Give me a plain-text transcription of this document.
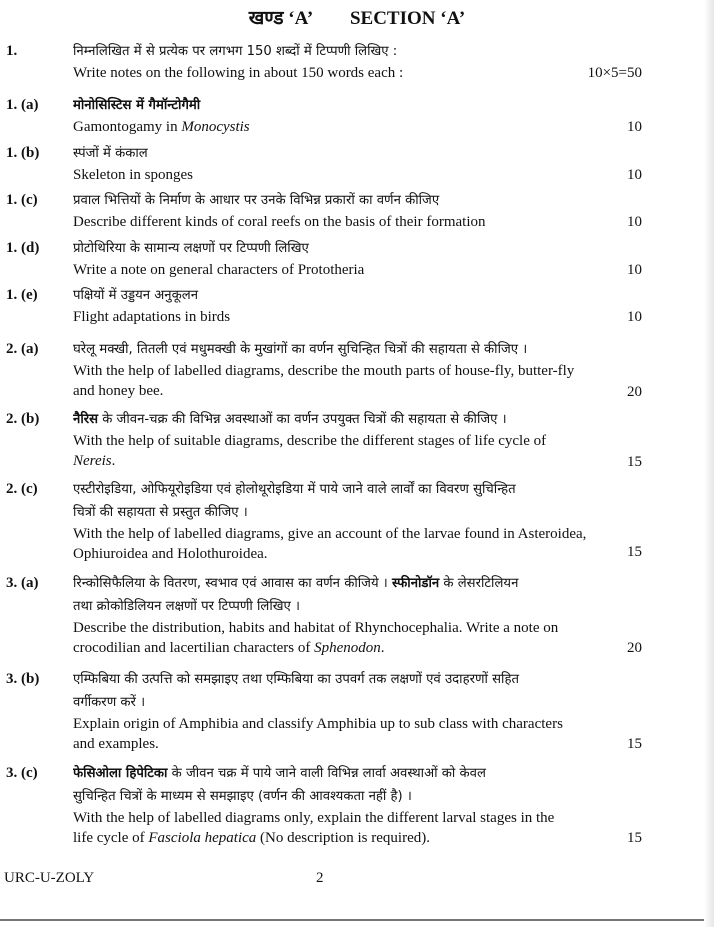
खण्ड ‘A’ SECTION ‘A’
1.	निम्नलिखित में से प्रत्येक पर लगभग 150 शब्दों में टिप्पणी लिखिए :
Write notes on the following in about 150 words each :	10×5=50
1. (a)	मोनोसिस्टिस में गैमॉन्टोगैमी
Gamontogamy in Monocystis	10
1. (b)	स्पंजों में कंकाल
Skeleton in sponges	10
1. (c)	प्रवाल भित्तियों के निर्माण के आधार पर उनके विभिन्न प्रकारों का वर्णन कीजिए
Describe different kinds of coral reefs on the basis of their formation	10
1. (d)	प्रोटोथिरिया के सामान्य लक्षणों पर टिप्पणी लिखिए
Write a note on general characters of Prototheria	10
1. (e)	पक्षियों में उड्डयन अनुकूलन
Flight adaptations in birds	10
2. (a)	घरेलू मक्खी, तितली एवं मधुमक्खी के मुखांगों का वर्णन सुचिन्हित चित्रों की सहायता से कीजिए ।
With the help of labelled diagrams, describe the mouth parts of house-fly, butter-fly
and honey bee.	20
2. (b)	नैरिस के जीवन-चक्र की विभिन्न अवस्थाओं का वर्णन उपयुक्त चित्रों की सहायता से कीजिए ।
With the help of suitable diagrams, describe the different stages of life cycle of
Nereis.	15
2. (c)	एस्टीरोइडिया, ओफियूरोइडिया एवं होलोथूरोइडिया में पाये जाने वाले लार्वों का विवरण सुचिन्हित
चित्रों की सहायता से प्रस्तुत कीजिए ।
With the help of labelled diagrams, give an account of the larvae found in Asteroidea,
Ophiuroidea and Holothuroidea.	15
3. (a)	रिन्कोसिफैलिया के वितरण, स्वभाव एवं आवास का वर्णन कीजिये । स्फीनोडॉन के लेसरटिलियन
तथा क्रोकोडिलियन लक्षणों पर टिप्पणी लिखिए ।
Describe the distribution, habits and habitat of Rhynchocephalia. Write a note on
crocodilian and lacertilian characters of Sphenodon.	20
3. (b)	एम्फिबिया की उत्पत्ति को समझाइए तथा एम्फिबिया का उपवर्ग तक लक्षणों एवं उदाहरणों सहित
वर्गीकरण करें ।
Explain origin of Amphibia and classify Amphibia up to sub class with characters
and examples.	15
3. (c)	फेसिओला हिपेटिका के जीवन चक्र में पाये जाने वाली विभिन्न लार्वा अवस्थाओं को केवल
सुचिन्हित चित्रों के माध्यम से समझाइए (वर्णन की आवश्यकता नहीं है) ।
With the help of labelled diagrams only, explain the different larval stages in the
life cycle of Fasciola hepatica (No description is required).	15
URC-U-ZOLY	2
